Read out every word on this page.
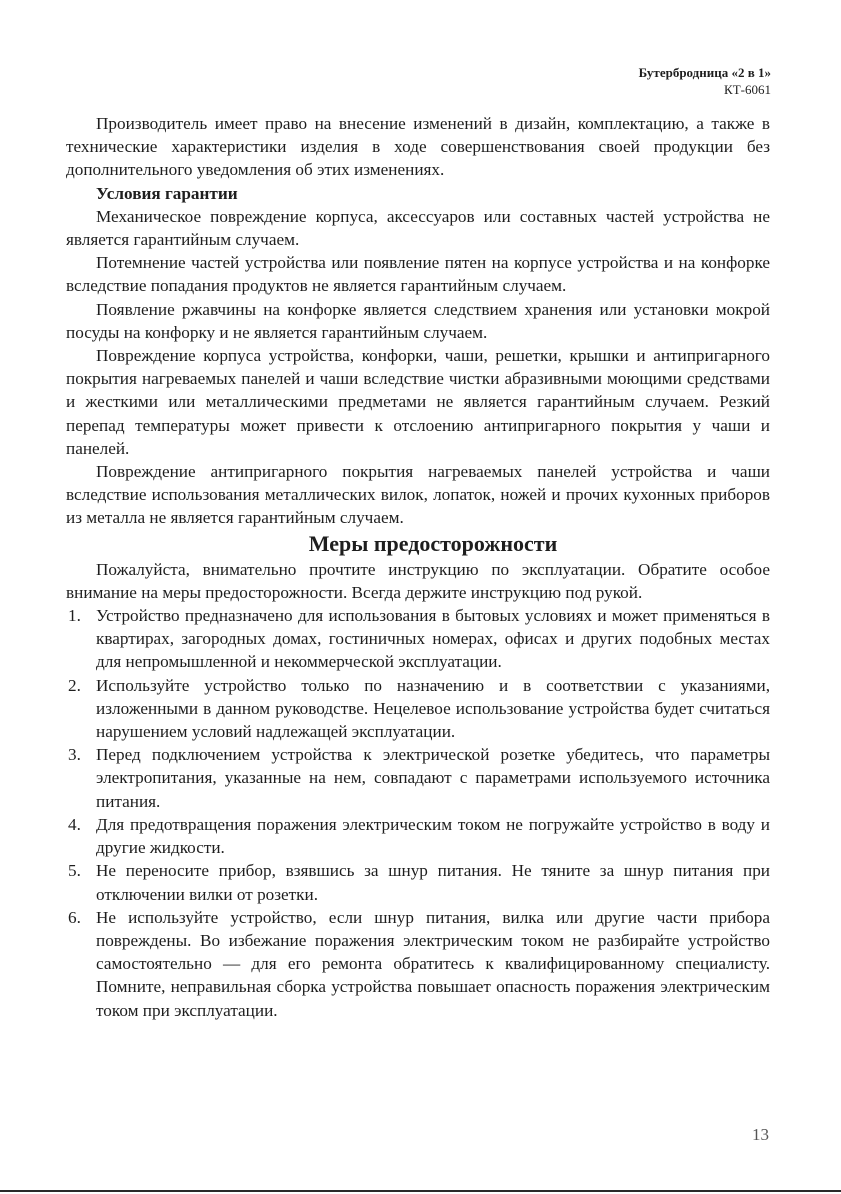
Бутербродница «2 в 1»
КТ-6061

Производитель имеет право на внесение изменений в дизайн, комплектацию, а также в технические характеристики изделия в ходе совершенствования своей продукции без дополнительного уведомления об этих изменениях.

Условия гарантии

Механическое повреждение корпуса, аксессуаров или составных частей устройства не является гарантийным случаем.

Потемнение частей устройства или появление пятен на корпусе устройства и на конфорке вследствие попадания продуктов не является гарантийным случаем.

Появление ржавчины на конфорке является следствием хранения или установки мокрой посуды на конфорку и не является гарантийным случаем.

Повреждение корпуса устройства, конфорки, чаши, решетки, крышки и антипригарного покрытия нагреваемых панелей и чаши вследствие чистки абразивными моющими средствами и жесткими или металлическими предметами не является гарантийным случаем. Резкий перепад температуры может привести к отслоению антипригарного покрытия у чаши и панелей.

Повреждение антипригарного покрытия нагреваемых панелей устройства и чаши вследствие использования металлических вилок, лопаток, ножей и прочих кухонных приборов из металла не является гарантийным случаем.

Меры предосторожности

Пожалуйста, внимательно прочтите инструкцию по эксплуатации. Обратите особое внимание на меры предосторожности. Всегда держите инструкцию под рукой.

1. Устройство предназначено для использования в бытовых условиях и может применяться в квартирах, загородных домах, гостиничных номерах, офисах и других подобных местах для непромышленной и некоммерческой эксплуатации.
2. Используйте устройство только по назначению и в соответствии с указаниями, изложенными в данном руководстве. Нецелевое использование устройства будет считаться нарушением условий надлежащей эксплуатации.
3. Перед подключением устройства к электрической розетке убедитесь, что параметры электропитания, указанные на нем, совпадают с параметрами используемого источника питания.
4. Для предотвращения поражения электрическим током не погружайте устройство в воду и другие жидкости.
5. Не переносите прибор, взявшись за шнур питания. Не тяните за шнур питания при отключении вилки от розетки.
6. Не используйте устройство, если шнур питания, вилка или другие части прибора повреждены. Во избежание поражения электрическим током не разбирайте устройство самостоятельно — для его ремонта обратитесь к квалифицированному специалисту. Помните, неправильная сборка устройства повышает опасность поражения электрическим током при эксплуатации.
13
